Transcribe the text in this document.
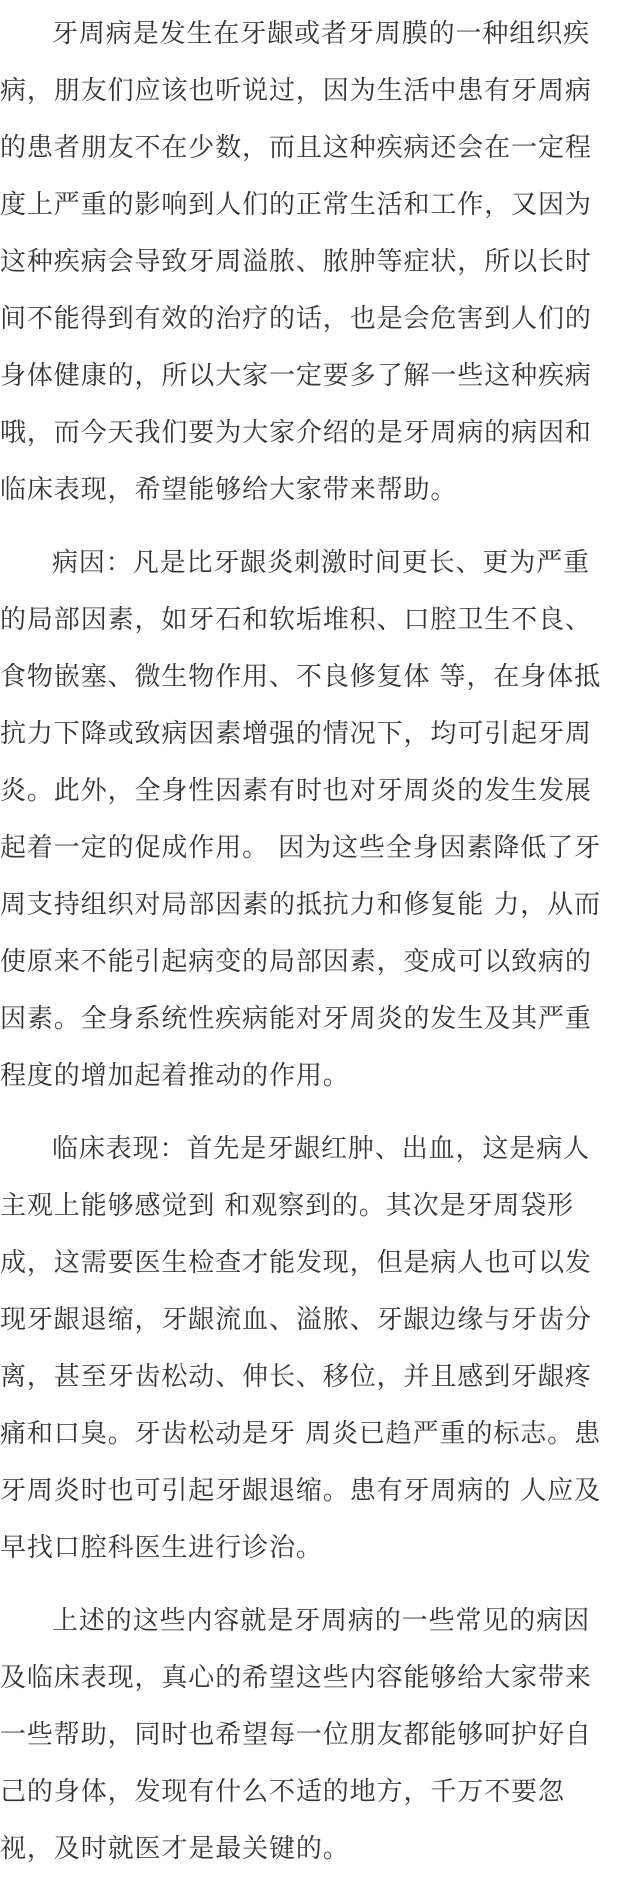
牙周病是发生在牙龈或者牙周膜的一种组织疾
病，朋友们应该也听说过，因为生活中患有牙周病
的患者朋友不在少数，而且这种疾病还会在一定程
度上严重的影响到人们的正常生活和工作，又因为
这种疾病会导致牙周溢脓、脓肿等症状，所以长时
间不能得到有效的治疗的话，也是会危害到人们的
身体健康的，所以大家一定要多了解一些这种疾病
哦，而今天我们要为大家介绍的是牙周病的病因和
临床表现，希望能够给大家带来帮助。

病因：凡是比牙龈炎刺激时间更长、更为严重
的局部因素，如牙石和软垢堆积、口腔卫生不良、
食物嵌塞、微生物作用、不良修复体 等，在身体抵
抗力下降或致病因素增强的情况下，均可引起牙周
炎。此外，全身性因素有时也对牙周炎的发生发展
起着一定的促成作用。 因为这些全身因素降低了牙
周支持组织对局部因素的抵抗力和修复能 力，从而
使原来不能引起病变的局部因素，变成可以致病的
因素。全身系统性疾病能对牙周炎的发生及其严重
程度的增加起着推动的作用。

临床表现：首先是牙龈红肿、出血，这是病人
主观上能够感觉到 和观察到的。其次是牙周袋形
成，这需要医生检查才能发现，但是病人也可以发
现牙龈退缩，牙龈流血、溢脓、牙龈边缘与牙齿分
离，甚至牙齿松动、伸长、移位，并且感到牙龈疼
痛和口臭。牙齿松动是牙 周炎已趋严重的标志。患
牙周炎时也可引起牙龈退缩。患有牙周病的 人应及
早找口腔科医生进行诊治。

上述的这些内容就是牙周病的一些常见的病因
及临床表现，真心的希望这些内容能够给大家带来
一些帮助，同时也希望每一位朋友都能够呵护好自
己的身体，发现有什么不适的地方，千万不要忽
视，及时就医才是最关键的。
